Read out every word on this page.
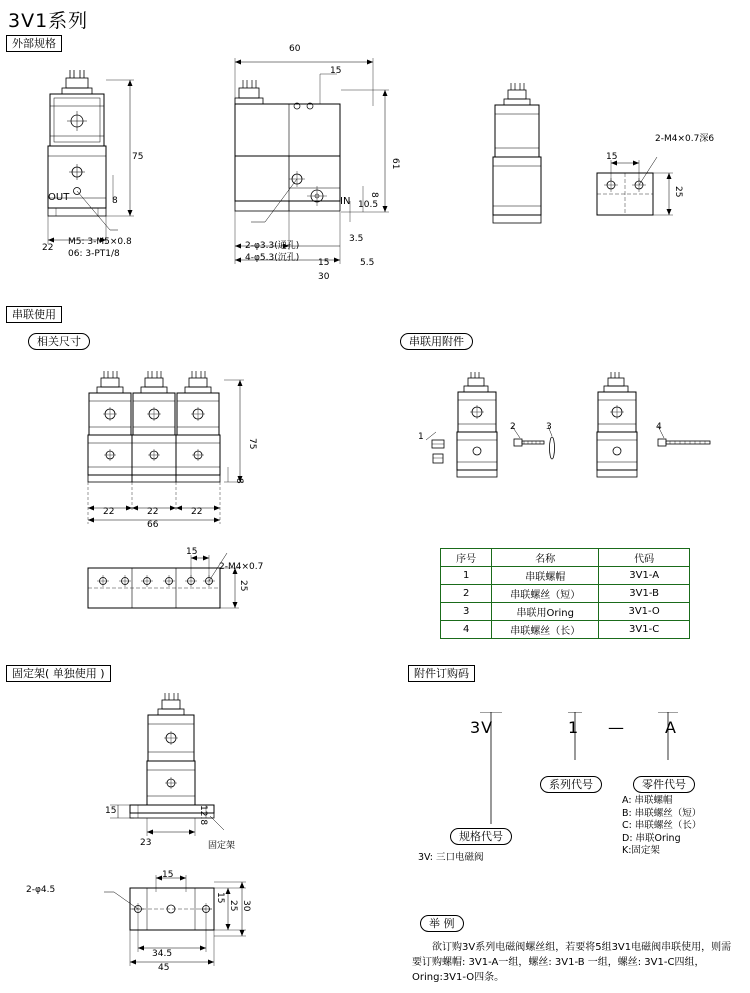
3V1系列
外部规格
75
22
8
OUT
M5: 3-M5×0.8
06: 3-PT1/8
60
15
61
10.5
8
3.5
2-φ3.3(通孔)
4-φ5.3(沉孔)
IN
15	5.5
30
15
25
2-M4×0.7深6
串联使用
相关尺寸	串联用附件
75
8
22	22	22
66
15
25
2-M4×0.7
1
2	3	4
序号	名称	代码
1	串联螺帽	3V1-A
2	串联螺丝（短）	3V1-B
3	串联用Oring	3V1-O
4	串联螺丝（长）	3V1-C
固定架( 单独使用 )
15	12.8
23	固定架
15
15
25 30
34.5
45
2-φ4.5
附件订购码
3V	1 —	A
系列代号	零件代号
规格代号
3V: 三口电磁阀
A: 串联螺帽
B: 串联螺丝（短）
C: 串联螺丝（长）
D: 串联Oring
K:固定架
举 例
欲订购3V系列电磁阀螺丝组，若要将5组3V1电磁阀串联使用，则需要订购螺帽: 3V1-A一组，螺丝: 3V1-B 一组，螺丝: 3V1-C四组，Oring:3V1-O四条。
